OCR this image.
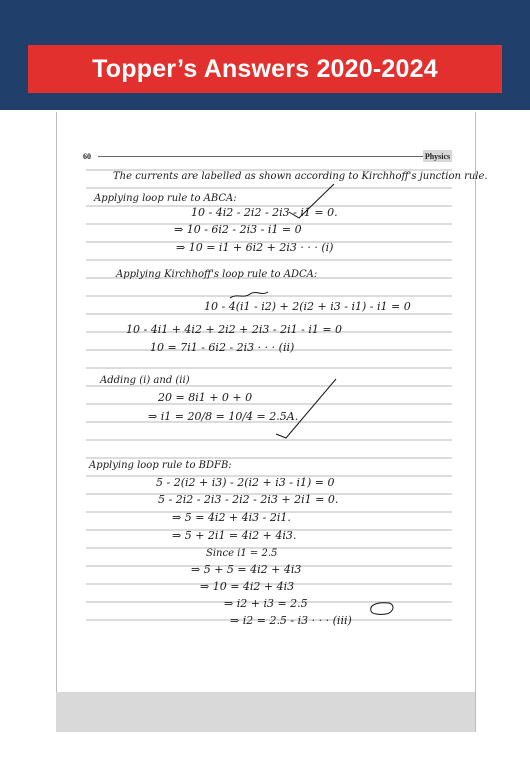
Topper’s Answers 2020-2024
60	Physics
The currents are labelled as shown according to Kirchhoff's junction rule.
Applying loop rule to ABCA:
10 - 4i2 - 2i2 - 2i3 - i1 = 0.
⇒ 10 - 6i2 - 2i3 - i1 = 0
⇒ 10 = i1 + 6i2 + 2i3 · · · (i)
Applying Kirchhoff's loop rule to ADCA:
10 - 4(i1 - i2) + 2(i2 + i3 - i1) - i1 = 0
10 - 4i1 + 4i2 + 2i2 + 2i3 - 2i1 - i1 = 0
10 = 7i1 - 6i2 - 2i3 · · · (ii)
Adding (i) and (ii)
20 = 8i1 + 0 + 0
⇒ i1 = 20/8 = 10/4 = 2.5A.
Applying loop rule to BDFB:
5 - 2(i2 + i3) - 2(i2 + i3 - i1) = 0
5 - 2i2 - 2i3 - 2i2 - 2i3 + 2i1 = 0.
⇒ 5 = 4i2 + 4i3 - 2i1.
⇒ 5 + 2i1 = 4i2 + 4i3.
Since i1 = 2.5
⇒ 5 + 5 = 4i2 + 4i3
⇒ 10 = 4i2 + 4i3
⇒ i2 + i3 = 2.5
⇒ i2 = 2.5 - i3 · · · (iii)
